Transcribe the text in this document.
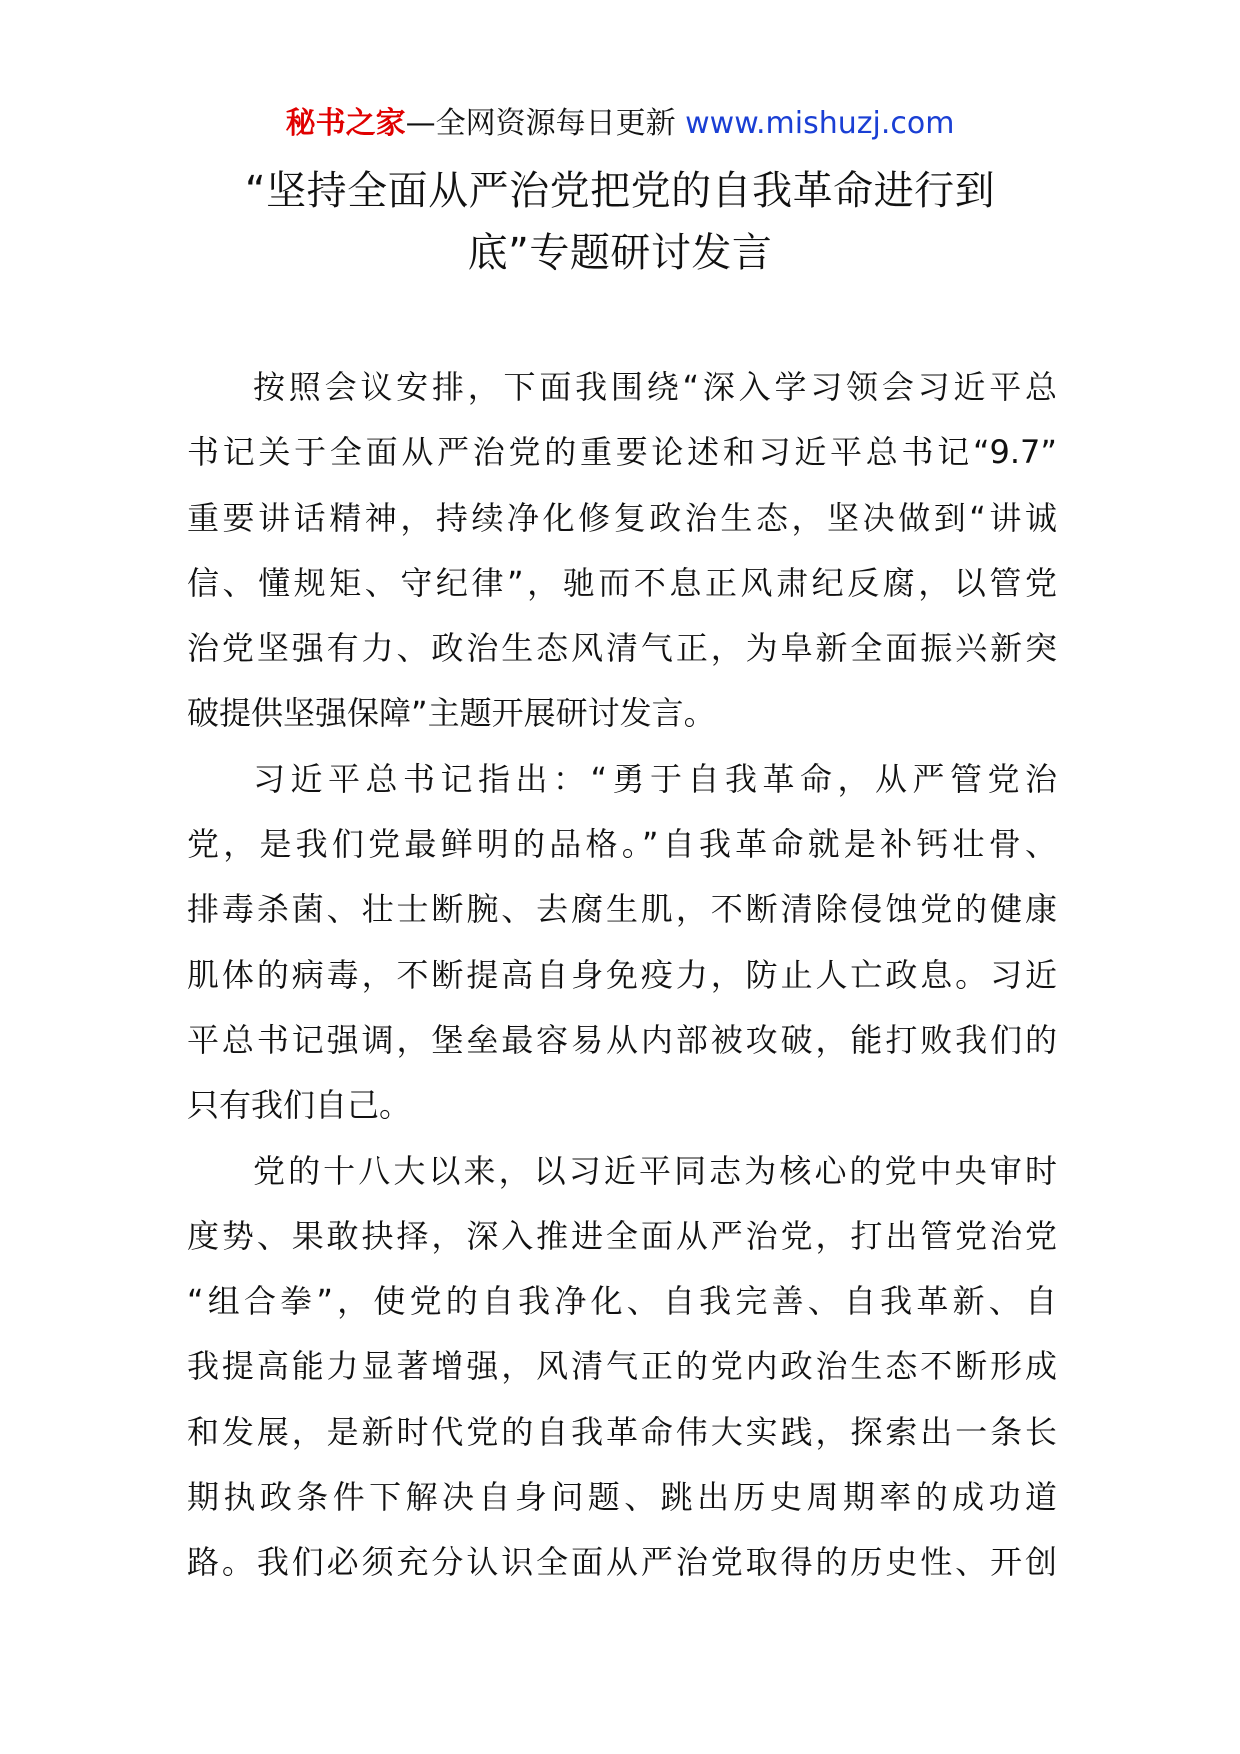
秘书之家—全网资源每日更新 www.mishuzj.com
“坚持全面从严治党把党的自我革命进行到
底”专题研讨发言
按照会议安排，下面我围绕“深入学习领会习近平总
书记关于全面从严治党的重要论述和习近平总书记“9.7”
重要讲话精神，持续净化修复政治生态，坚决做到“讲诚
信、懂规矩、守纪律”，驰而不息正风肃纪反腐，以管党
治党坚强有力、政治生态风清气正，为阜新全面振兴新突
破提供坚强保障”主题开展研讨发言。
习近平总书记指出：“勇于自我革命，从严管党治
党，是我们党最鲜明的品格。”自我革命就是补钙壮骨、
排毒杀菌、壮士断腕、去腐生肌，不断清除侵蚀党的健康
肌体的病毒，不断提高自身免疫力，防止人亡政息。习近
平总书记强调，堡垒最容易从内部被攻破，能打败我们的
只有我们自己。
党的十八大以来，以习近平同志为核心的党中央审时
度势、果敢抉择，深入推进全面从严治党，打出管党治党
“组合拳”，使党的自我净化、自我完善、自我革新、自
我提高能力显著增强，风清气正的党内政治生态不断形成
和发展，是新时代党的自我革命伟大实践，探索出一条长
期执政条件下解决自身问题、跳出历史周期率的成功道
路。我们必须充分认识全面从严治党取得的历史性、开创
